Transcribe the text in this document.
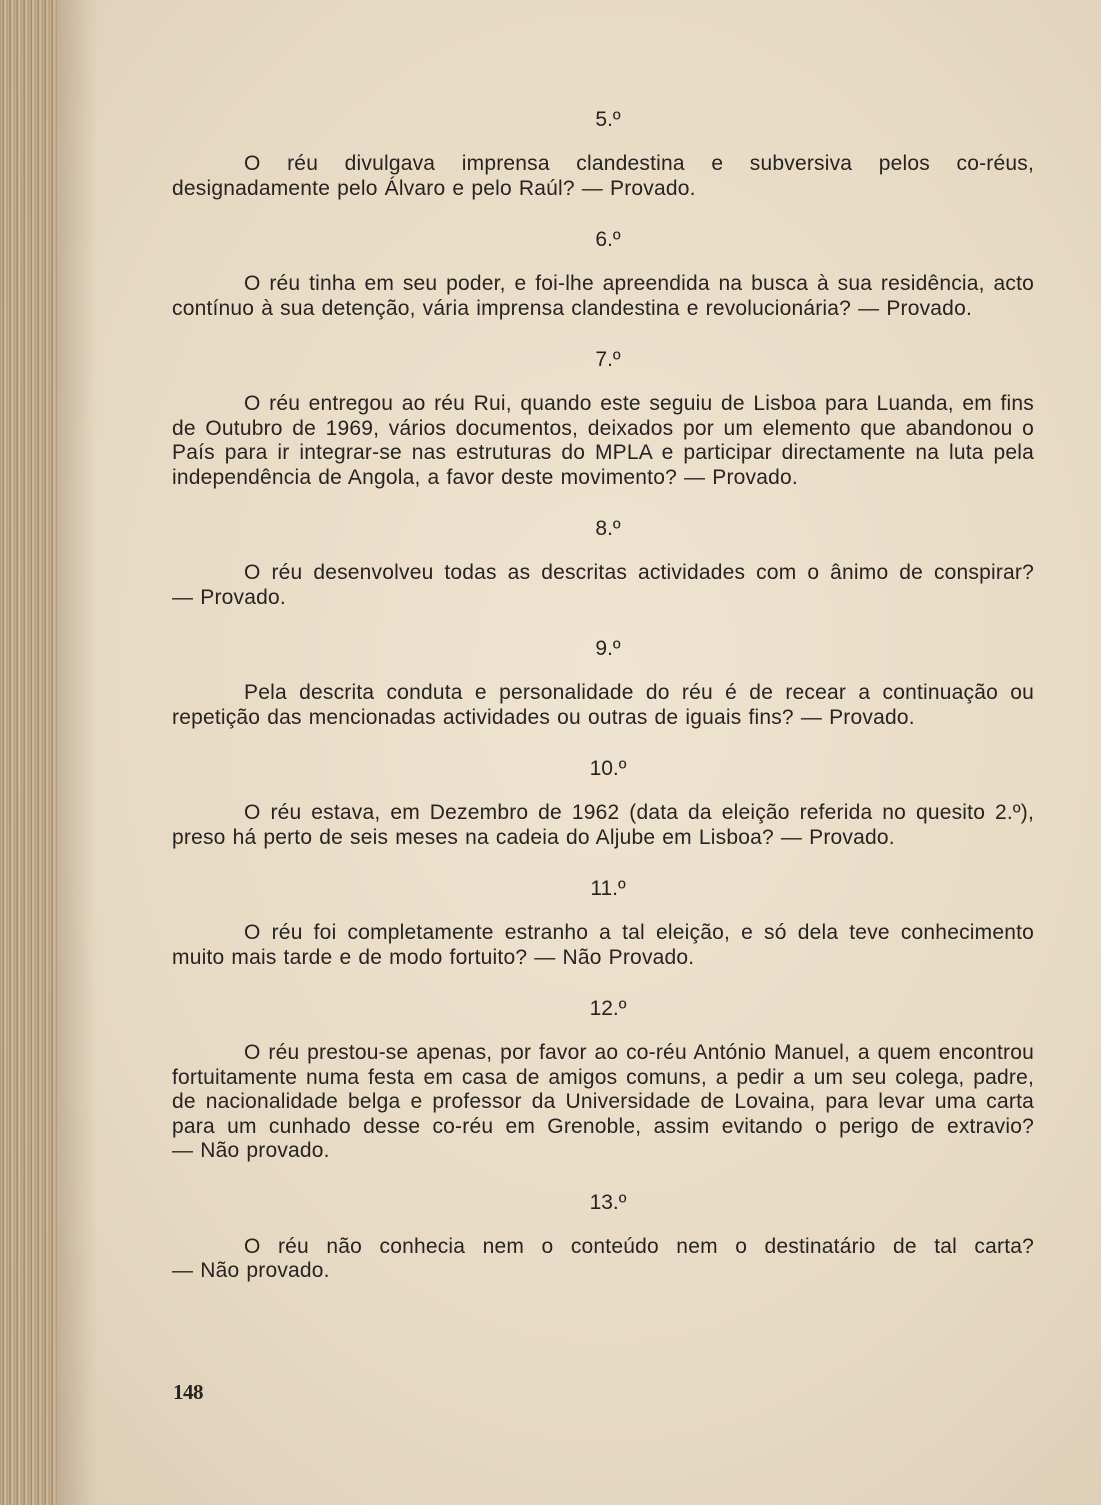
5.º

O réu divulgava imprensa clandestina e subversiva pelos co-réus, designadamente pelo Álvaro e pelo Raúl? — Provado.

6.º

O réu tinha em seu poder, e foi-lhe apreendida na busca à sua residência, acto contínuo à sua detenção, vária imprensa clandestina e revolucionária? — Provado.

7.º

O réu entregou ao réu Rui, quando este seguiu de Lisboa para Luanda, em fins de Outubro de 1969, vários documentos, deixados por um elemento que abandonou o País para ir integrar-se nas estruturas do MPLA e participar directamente na luta pela independência de Angola, a favor deste movimento? — Provado.

8.º

O réu desenvolveu todas as descritas actividades com o ânimo de conspirar? — Provado.

9.º

Pela descrita conduta e personalidade do réu é de recear a continuação ou repetição das mencionadas actividades ou outras de iguais fins? — Provado.

10.º

O réu estava, em Dezembro de 1962 (data da eleição referida no quesito 2.º), preso há perto de seis meses na cadeia do Aljube em Lisboa? — Provado.

11.º

O réu foi completamente estranho a tal eleição, e só dela teve conhecimento muito mais tarde e de modo fortuito? — Não Provado.

12.º

O réu prestou-se apenas, por favor ao co-réu António Manuel, a quem encontrou fortuitamente numa festa em casa de amigos comuns, a pedir a um seu colega, padre, de nacionalidade belga e professor da Universidade de Lovaina, para levar uma carta para um cunhado desse co-réu em Grenoble, assim evitando o perigo de extravio? — Não provado.

13.º

O réu não conhecia nem o conteúdo nem o destinatário de tal carta? — Não provado.

148
